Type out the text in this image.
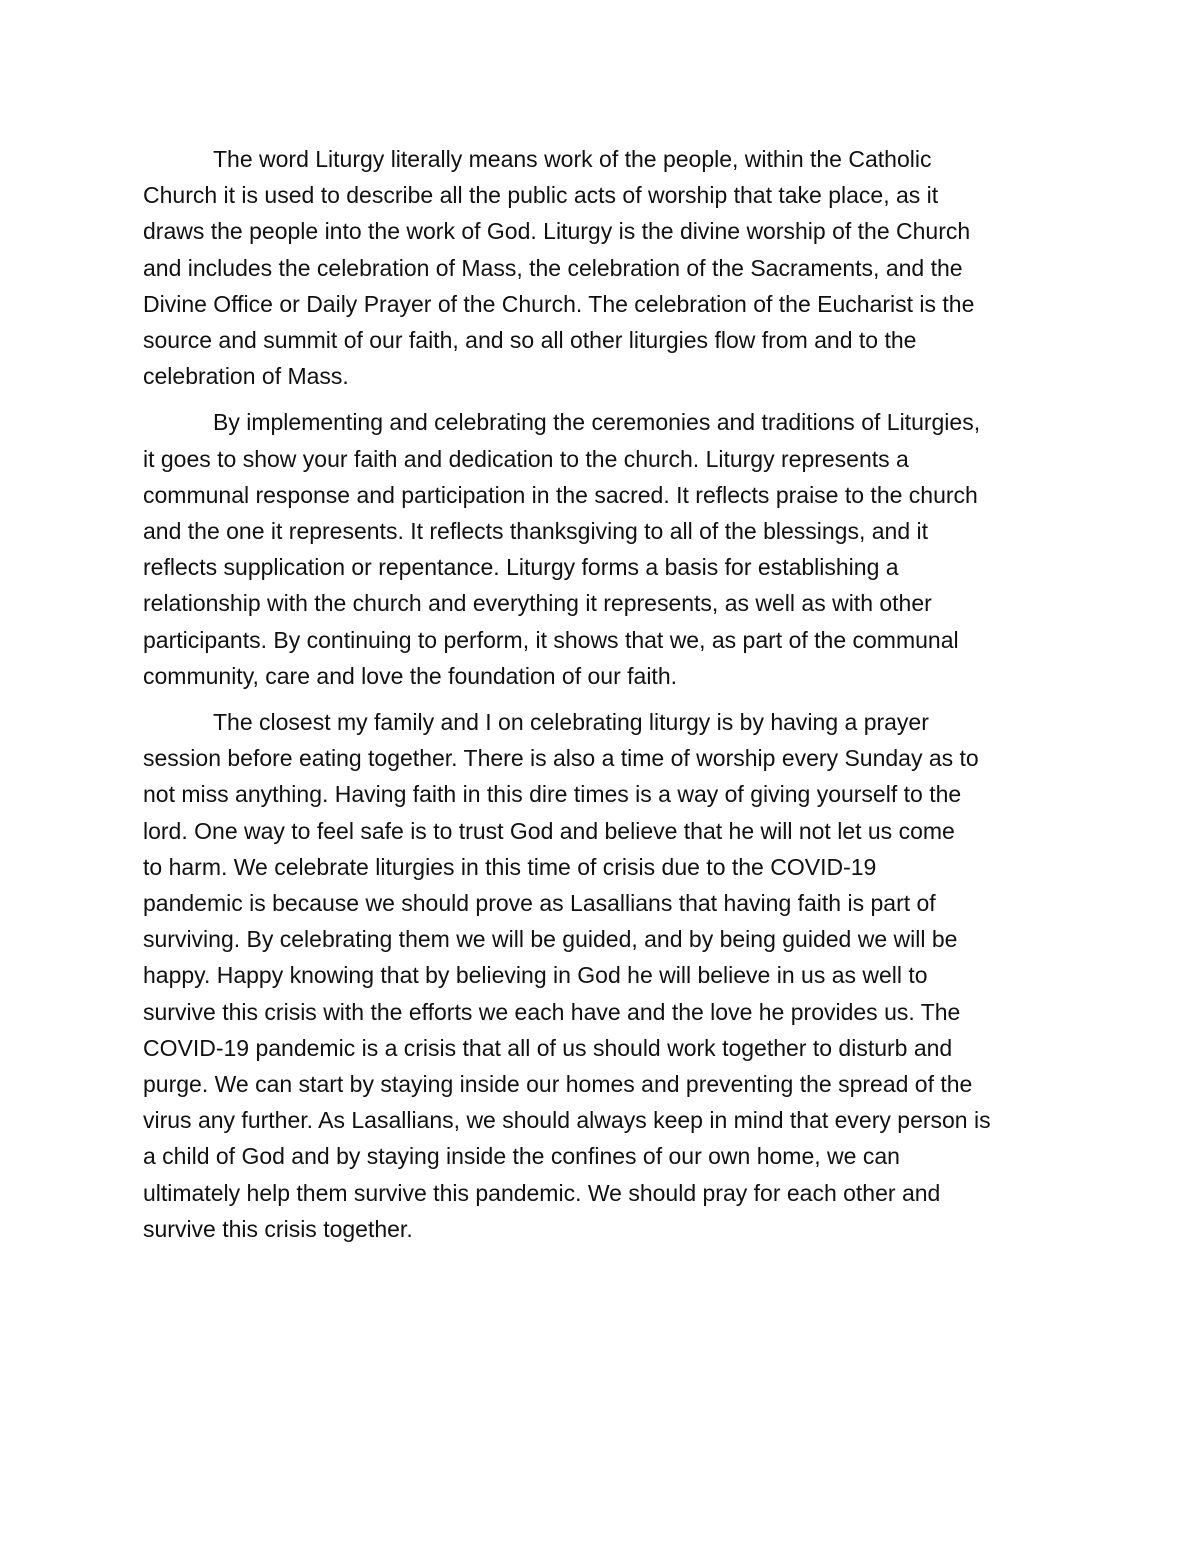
The word Liturgy literally means work of the people, within the Catholic
Church it is used to describe all the public acts of worship that take place, as it
draws the people into the work of God. Liturgy is the divine worship of the Church
and includes the celebration of Mass, the celebration of the Sacraments, and the
Divine Office or Daily Prayer of the Church. The celebration of the Eucharist is the
source and summit of our faith, and so all other liturgies flow from and to the
celebration of Mass.
By implementing and celebrating the ceremonies and traditions of Liturgies,
it goes to show your faith and dedication to the church. Liturgy represents a
communal response and participation in the sacred. It reflects praise to the church
and the one it represents. It reflects thanksgiving to all of the blessings, and it
reflects supplication or repentance. Liturgy forms a basis for establishing a
relationship with the church and everything it represents, as well as with other
participants. By continuing to perform, it shows that we, as part of the communal
community, care and love the foundation of our faith.
The closest my family and I on celebrating liturgy is by having a prayer
session before eating together. There is also a time of worship every Sunday as to
not miss anything. Having faith in this dire times is a way of giving yourself to the
lord. One way to feel safe is to trust God and believe that he will not let us come
to harm. We celebrate liturgies in this time of crisis due to the COVID-19
pandemic is because we should prove as Lasallians that having faith is part of
surviving. By celebrating them we will be guided, and by being guided we will be
happy. Happy knowing that by believing in God he will believe in us as well to
survive this crisis with the efforts we each have and the love he provides us. The
COVID-19 pandemic is a crisis that all of us should work together to disturb and
purge. We can start by staying inside our homes and preventing the spread of the
virus any further. As Lasallians, we should always keep in mind that every person is
a child of God and by staying inside the confines of our own home, we can
ultimately help them survive this pandemic. We should pray for each other and
survive this crisis together.
